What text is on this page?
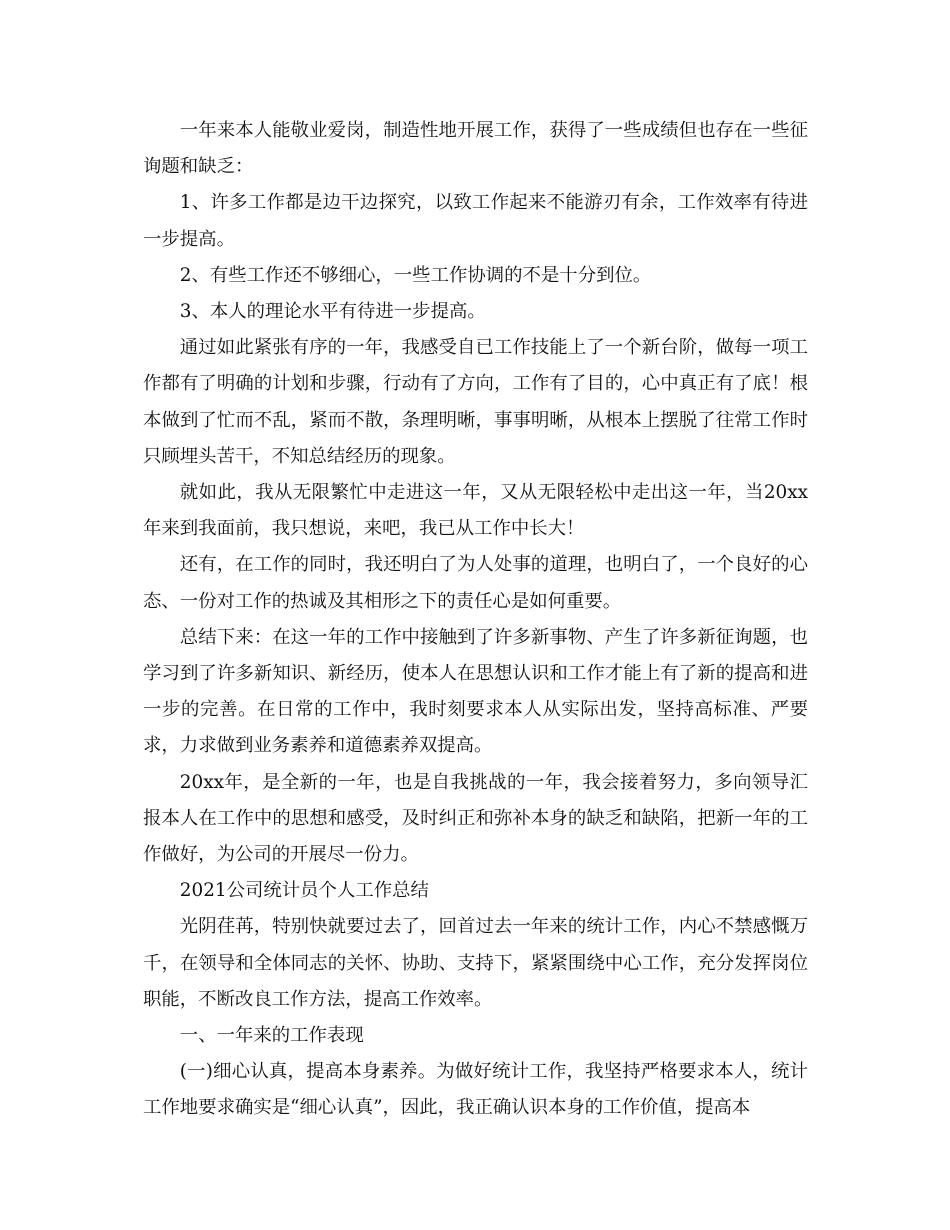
一年来本人能敬业爱岗，制造性地开展工作，获得了一些成绩但也存在一些征询题和缺乏：

1、许多工作都是边干边探究，以致工作起来不能游刃有余，工作效率有待进一步提高。

2、有些工作还不够细心，一些工作协调的不是十分到位。

3、本人的理论水平有待进一步提高。

通过如此紧张有序的一年，我感受自已工作技能上了一个新台阶，做每一项工作都有了明确的计划和步骤，行动有了方向，工作有了目的，心中真正有了底！根本做到了忙而不乱，紧而不散，条理明晰，事事明晰，从根本上摆脱了往常工作时只顾埋头苦干，不知总结经历的现象。

就如此，我从无限繁忙中走进这一年，又从无限轻松中走出这一年，当20xx年来到我面前，我只想说，来吧，我已从工作中长大！

还有，在工作的同时，我还明白了为人处事的道理，也明白了，一个良好的心态、一份对工作的热诚及其相形之下的责任心是如何重要。

总结下来：在这一年的工作中接触到了许多新事物、产生了许多新征询题，也学习到了许多新知识、新经历，使本人在思想认识和工作才能上有了新的提高和进一步的完善。在日常的工作中，我时刻要求本人从实际出发，坚持高标准、严要求，力求做到业务素养和道德素养双提高。

20xx年，是全新的一年，也是自我挑战的一年，我会接着努力，多向领导汇报本人在工作中的思想和感受，及时纠正和弥补本身的缺乏和缺陷，把新一年的工作做好，为公司的开展尽一份力。

2021公司统计员个人工作总结

光阴荏苒，特别快就要过去了，回首过去一年来的统计工作，内心不禁感慨万千，在领导和全体同志的关怀、协助、支持下，紧紧围绕中心工作，充分发挥岗位职能，不断改良工作方法，提高工作效率。

一、一年来的工作表现

(一)细心认真，提高本身素养。为做好统计工作，我坚持严格要求本人，统计工作地要求确实是“细心认真”，因此，我正确认识本身的工作价值，提高本
